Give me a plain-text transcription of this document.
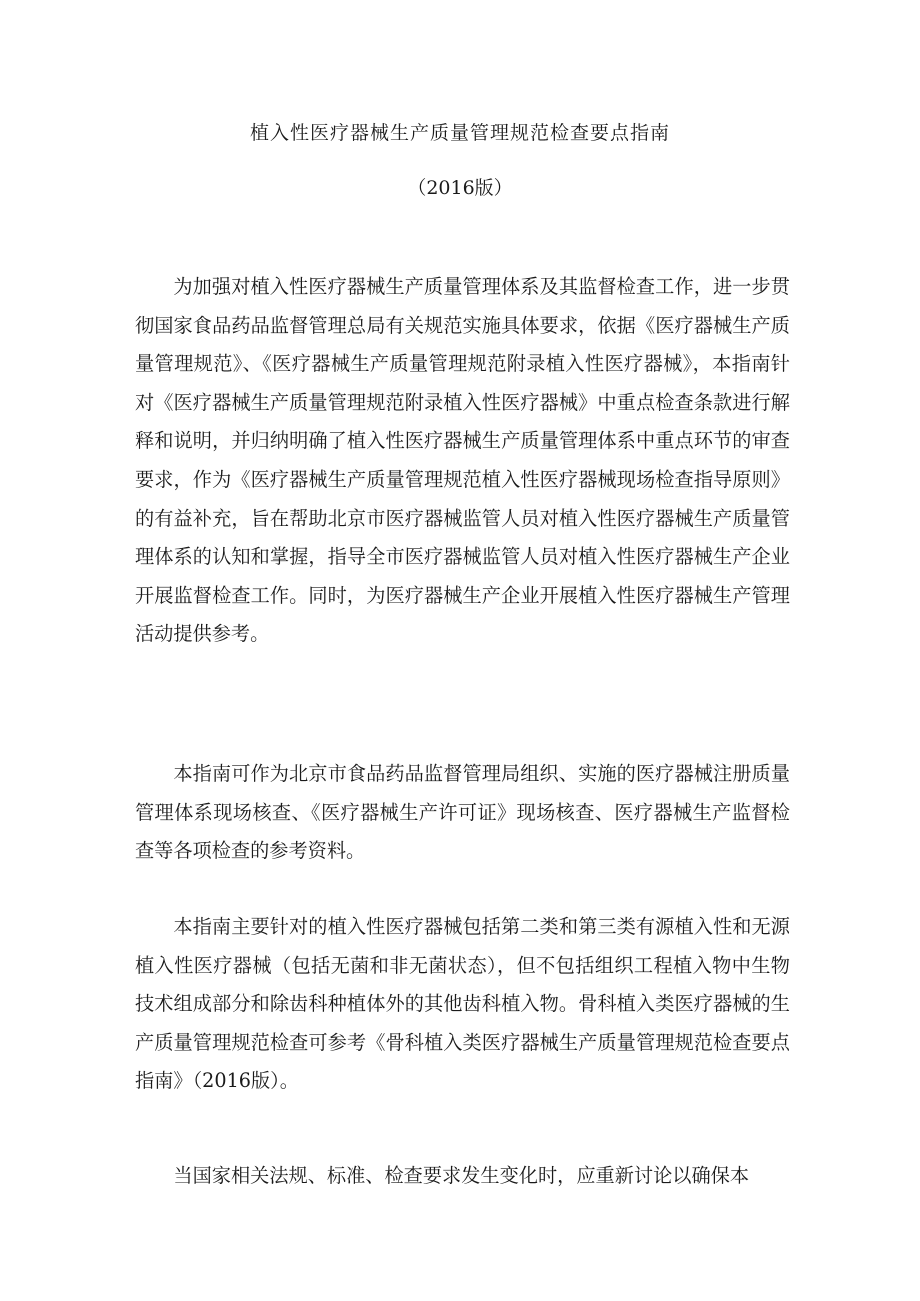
植入性医疗器械生产质量管理规范检查要点指南
（2016版）

为加强对植入性医疗器械生产质量管理体系及其监督检查工作，进一步贯彻国家食品药品监督管理总局有关规范实施具体要求，依据《医疗器械生产质量管理规范》、《医疗器械生产质量管理规范附录植入性医疗器械》，本指南针对《医疗器械生产质量管理规范附录植入性医疗器械》中重点检查条款进行解释和说明，并归纳明确了植入性医疗器械生产质量管理体系中重点环节的审查要求，作为《医疗器械生产质量管理规范植入性医疗器械现场检查指导原则》的有益补充，旨在帮助北京市医疗器械监管人员对植入性医疗器械生产质量管理体系的认知和掌握，指导全市医疗器械监管人员对植入性医疗器械生产企业开展监督检查工作。同时，为医疗器械生产企业开展植入性医疗器械生产管理活动提供参考。

本指南可作为北京市食品药品监督管理局组织、实施的医疗器械注册质量管理体系现场核查、《医疗器械生产许可证》现场核查、医疗器械生产监督检查等各项检查的参考资料。

本指南主要针对的植入性医疗器械包括第二类和第三类有源植入性和无源植入性医疗器械（包括无菌和非无菌状态），但不包括组织工程植入物中生物技术组成部分和除齿科种植体外的其他齿科植入物。骨科植入类医疗器械的生产质量管理规范检查可参考《骨科植入类医疗器械生产质量管理规范检查要点指南》（2016版）。

当国家相关法规、标准、检查要求发生变化时，应重新讨论以确保本
